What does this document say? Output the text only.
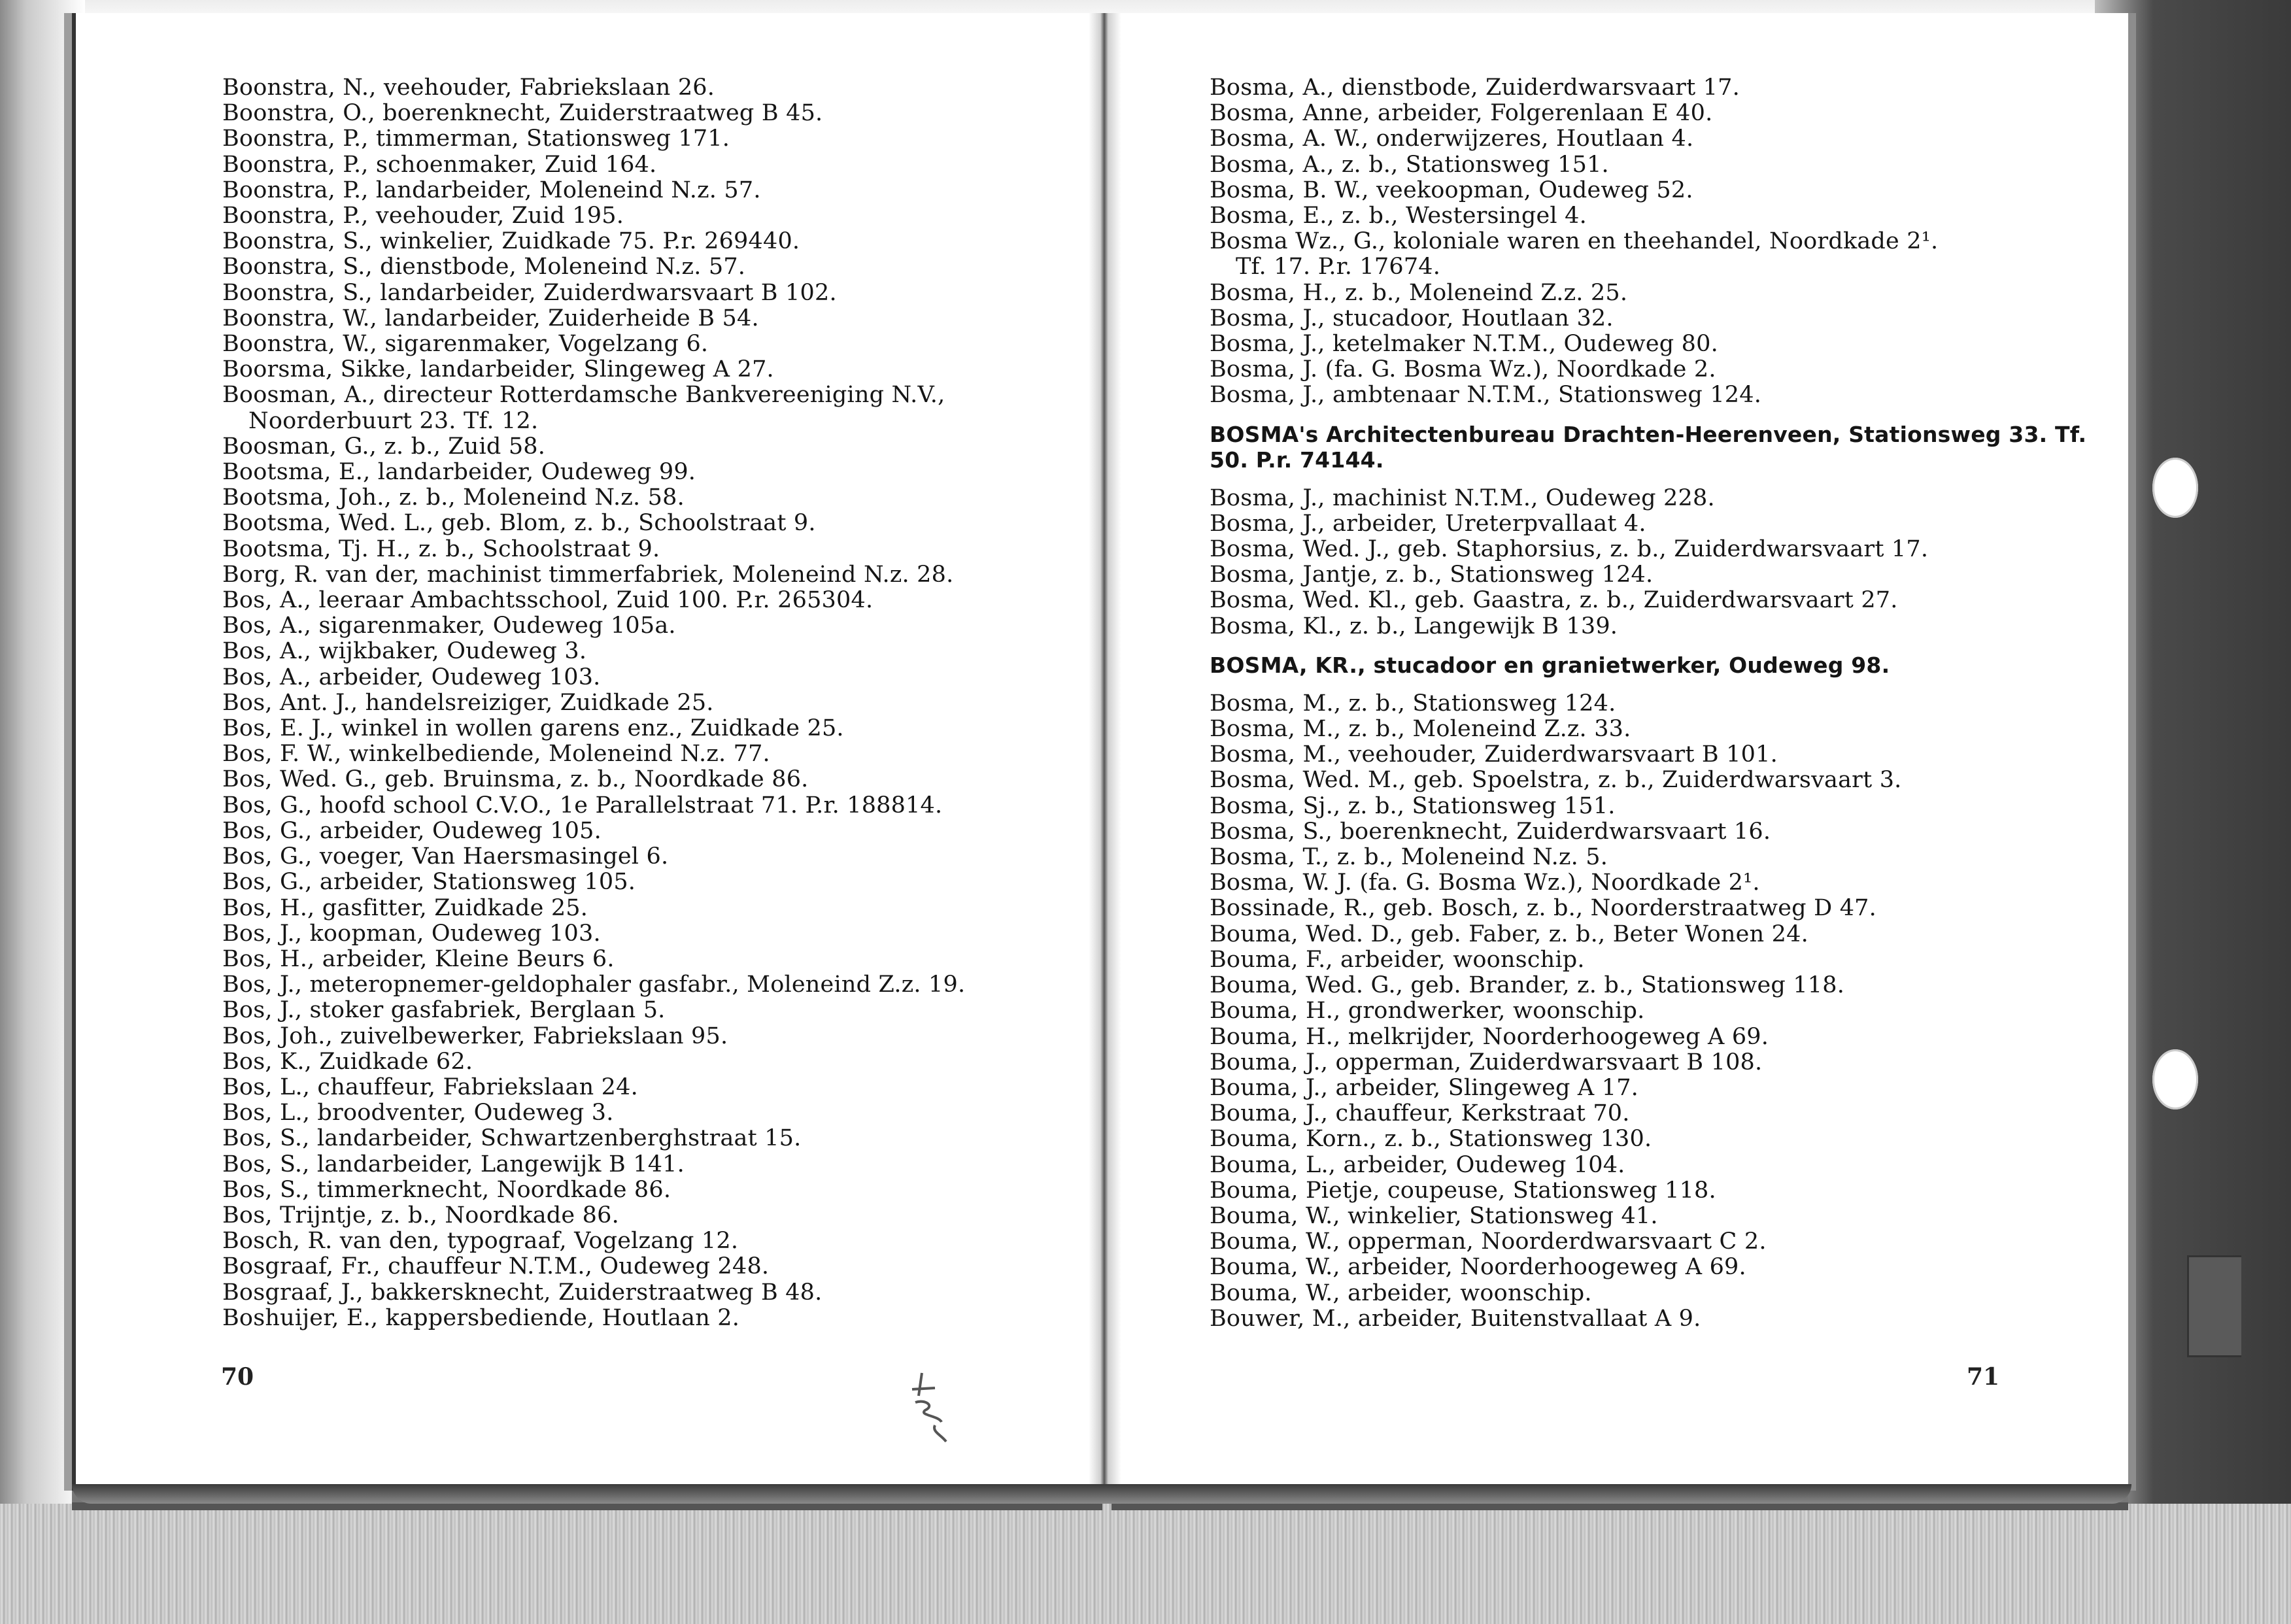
Boonstra, N., veehouder, Fabriekslaan 26.
Boonstra, O., boerenknecht, Zuiderstraatweg B 45.
Boonstra, P., timmerman, Stationsweg 171.
Boonstra, P., schoenmaker, Zuid 164.
Boonstra, P., landarbeider, Moleneind N.z. 57.
Boonstra, P., veehouder, Zuid 195.
Boonstra, S., winkelier, Zuidkade 75. P.r. 269440.
Boonstra, S., dienstbode, Moleneind N.z. 57.
Boonstra, S., landarbeider, Zuiderdwarsvaart B 102.
Boonstra, W., landarbeider, Zuiderheide B 54.
Boonstra, W., sigarenmaker, Vogelzang 6.
Boorsma, Sikke, landarbeider, Slingeweg A 27.
Boosman, A., directeur Rotterdamsche Bankvereeniging N.V.,
Noorderbuurt 23. Tf. 12.
Boosman, G., z. b., Zuid 58.
Bootsma, E., landarbeider, Oudeweg 99.
Bootsma, Joh., z. b., Moleneind N.z. 58.
Bootsma, Wed. L., geb. Blom, z. b., Schoolstraat 9.
Bootsma, Tj. H., z. b., Schoolstraat 9.
Borg, R. van der, machinist timmerfabriek, Moleneind N.z. 28.
Bos, A., leeraar Ambachtsschool, Zuid 100. P.r. 265304.
Bos, A., sigarenmaker, Oudeweg 105a.
Bos, A., wijkbaker, Oudeweg 3.
Bos, A., arbeider, Oudeweg 103.
Bos, Ant. J., handelsreiziger, Zuidkade 25.
Bos, E. J., winkel in wollen garens enz., Zuidkade 25.
Bos, F. W., winkelbediende, Moleneind N.z. 77.
Bos, Wed. G., geb. Bruinsma, z. b., Noordkade 86.
Bos, G., hoofd school C.V.O., 1e Parallelstraat 71. P.r. 188814.
Bos, G., arbeider, Oudeweg 105.
Bos, G., voeger, Van Haersmasingel 6.
Bos, G., arbeider, Stationsweg 105.
Bos, H., gasfitter, Zuidkade 25.
Bos, J., koopman, Oudeweg 103.
Bos, H., arbeider, Kleine Beurs 6.
Bos, J., meteropnemer-geldophaler gasfabr., Moleneind Z.z. 19.
Bos, J., stoker gasfabriek, Berglaan 5.
Bos, Joh., zuivelbewerker, Fabriekslaan 95.
Bos, K., Zuidkade 62.
Bos, L., chauffeur, Fabriekslaan 24.
Bos, L., broodventer, Oudeweg 3.
Bos, S., landarbeider, Schwartzenberghstraat 15.
Bos, S., landarbeider, Langewijk B 141.
Bos, S., timmerknecht, Noordkade 86.
Bos, Trijntje, z. b., Noordkade 86.
Bosch, R. van den, typograaf, Vogelzang 12.
Bosgraaf, Fr., chauffeur N.T.M., Oudeweg 248.
Bosgraaf, J., bakkersknecht, Zuiderstraatweg B 48.
Boshuijer, E., kappersbediende, Houtlaan 2.
Bosma, A., dienstbode, Zuiderdwarsvaart 17.
Bosma, Anne, arbeider, Folgerenlaan E 40.
Bosma, A. W., onderwijzeres, Houtlaan 4.
Bosma, A., z. b., Stationsweg 151.
Bosma, B. W., veekoopman, Oudeweg 52.
Bosma, E., z. b., Westersingel 4.
Bosma Wz., G., koloniale waren en theehandel, Noordkade 2¹.
Tf. 17. P.r. 17674.
Bosma, H., z. b., Moleneind Z.z. 25.
Bosma, J., stucadoor, Houtlaan 32.
Bosma, J., ketelmaker N.T.M., Oudeweg 80.
Bosma, J. (fa. G. Bosma Wz.), Noordkade 2.
Bosma, J., ambtenaar N.T.M., Stationsweg 124.
BOSMA's Architectenbureau Drachten-Heerenveen, Stationsweg 33. Tf. 50. P.r. 74144.
Bosma, J., machinist N.T.M., Oudeweg 228.
Bosma, J., arbeider, Ureterpvallaat 4.
Bosma, Wed. J., geb. Staphorsius, z. b., Zuiderdwarsvaart 17.
Bosma, Jantje, z. b., Stationsweg 124.
Bosma, Wed. Kl., geb. Gaastra, z. b., Zuiderdwarsvaart 27.
Bosma, Kl., z. b., Langewijk B 139.
BOSMA, KR., stucadoor en granietwerker, Oudeweg 98.
Bosma, M., z. b., Stationsweg 124.
Bosma, M., z. b., Moleneind Z.z. 33.
Bosma, M., veehouder, Zuiderdwarsvaart B 101.
Bosma, Wed. M., geb. Spoelstra, z. b., Zuiderdwarsvaart 3.
Bosma, Sj., z. b., Stationsweg 151.
Bosma, S., boerenknecht, Zuiderdwarsvaart 16.
Bosma, T., z. b., Moleneind N.z. 5.
Bosma, W. J. (fa. G. Bosma Wz.), Noordkade 2¹.
Bossinade, R., geb. Bosch, z. b., Noorderstraatweg D 47.
Bouma, Wed. D., geb. Faber, z. b., Beter Wonen 24.
Bouma, F., arbeider, woonschip.
Bouma, Wed. G., geb. Brander, z. b., Stationsweg 118.
Bouma, H., grondwerker, woonschip.
Bouma, H., melkrijder, Noorderhoogeweg A 69.
Bouma, J., opperman, Zuiderdwarsvaart B 108.
Bouma, J., arbeider, Slingeweg A 17.
Bouma, J., chauffeur, Kerkstraat 70.
Bouma, Korn., z. b., Stationsweg 130.
Bouma, L., arbeider, Oudeweg 104.
Bouma, Pietje, coupeuse, Stationsweg 118.
Bouma, W., winkelier, Stationsweg 41.
Bouma, W., opperman, Noorderdwarsvaart C 2.
Bouma, W., arbeider, Noorderhoogeweg A 69.
Bouma, W., arbeider, woonschip.
Bouwer, M., arbeider, Buitenstvallaat A 9.
70	71
